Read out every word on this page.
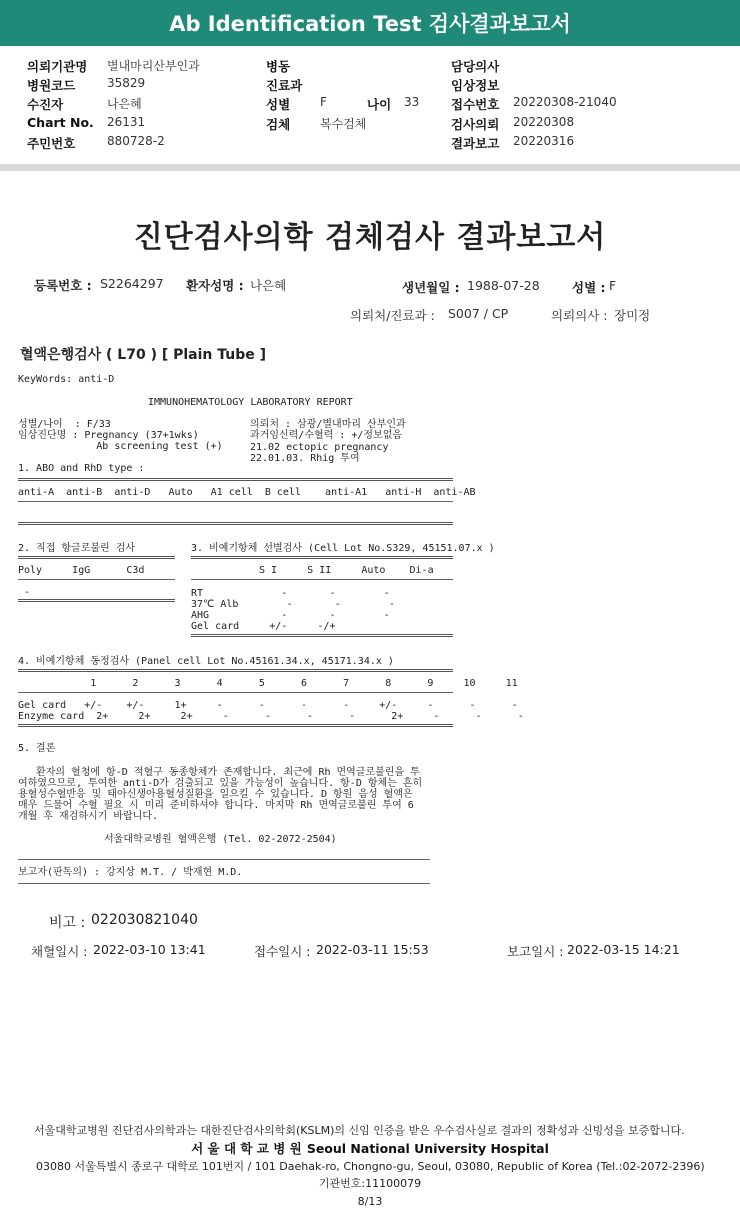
Ab Identification Test 검사결과보고서
의뢰기관명 별내마리산부인과
병원코드	35829
수진자	나은혜
Chart No. 26131
주민번호	880728-2
병동
진료과
성별 F	나이 33
검체 복수검체
담당의사
임상정보
접수번호 20220308-21040
검사의뢰 20220308
결과보고 20220316
진단검사의학 검체검사 결과보고서
등록번호 : S2264297 환자성명 : 나은혜	생년월일 : 1988-07-28	성별 : F
의뢰처/진료과 : S007 / CP	의뢰의사 : 장미정
혈액은행검사 ( L70 ) [ Plain Tube ]
KeyWords: anti-D
IMMUNOHEMATOLOGY LABORATORY REPORT
성별/나이  : F/33
임상진단명 : Pregnancy (37+1wks)
Ab screening test (+)
의뢰처 : 삼광/별내마리 산부인과
과거임신력/수혈력 : +/정보없음
21.02 ectopic pregnancy
22.01.03. Rhig 투여
1. ABO and RhD type :
anti-A  anti-B  anti-D   Auto   A1 cell  B cell    anti-A1   anti-H  anti-AB
2. 직접 항글로불린 검사
Poly     IgG      C3d
-
3. 비예기항체 선별검사 (Cell Lot No.S329, 45151.07.x )
S I     S II     Auto    Di-a
RT             -       -        -
37℃ Alb        -       -        -
AHG            -       -        -
Gel card     +/-     -/+
4. 비예기항체 동정검사 (Panel cell Lot No.45161.34.x, 45171.34.x )
1      2      3      4      5      6      7      8      9     10     11
Gel card   +/-    +/-     1+     -      -      -      -     +/-     -      -      -
Enzyme card  2+     2+     2+     -      -      -      -      2+     -      -      -
5. 결론
환자의 혈청에 항-D 적혈구 동종항체가 존재합니다. 최근에 Rh 면역글로불린을 투
여하였으므로, 투여한 anti-D가 검출되고 있을 가능성이 높습니다. 항-D 항체는 흔히
용혈성수혈반응 및 태아신생아용혈성질환을 일으킬 수 있습니다. D 항원 음성 혈액은
매우 드물어 수혈 필요 시 미리 준비하셔야 합니다. 마지막 Rh 면역글로불린 투여 6
개월 후 재검하시기 바랍니다.
서울대학교병원 혈액은행 (Tel. 02-2072-2504)
보고자(판독의) : 강지상 M.T. / 박재현 M.D.
비고 : 022030821040
채혈일시 : 2022-03-10 13:41	접수일시 : 2022-03-11 15:53	보고일시 : 2022-03-15 14:21
서울대학교병원 진단검사의학과는 대한진단검사의학회(KSLM)의 신임 인증을 받은 우수검사실로 결과의 정확성과 신빙성을 보증합니다.
서 울 대 학 교 병 원 Seoul National University Hospital
03080 서울특별시 종로구 대학로 101번지 / 101 Daehak-ro, Chongno-gu, Seoul, 03080, Republic of Korea (Tel.:02-2072-2396)
기관번호:11100079
8/13
